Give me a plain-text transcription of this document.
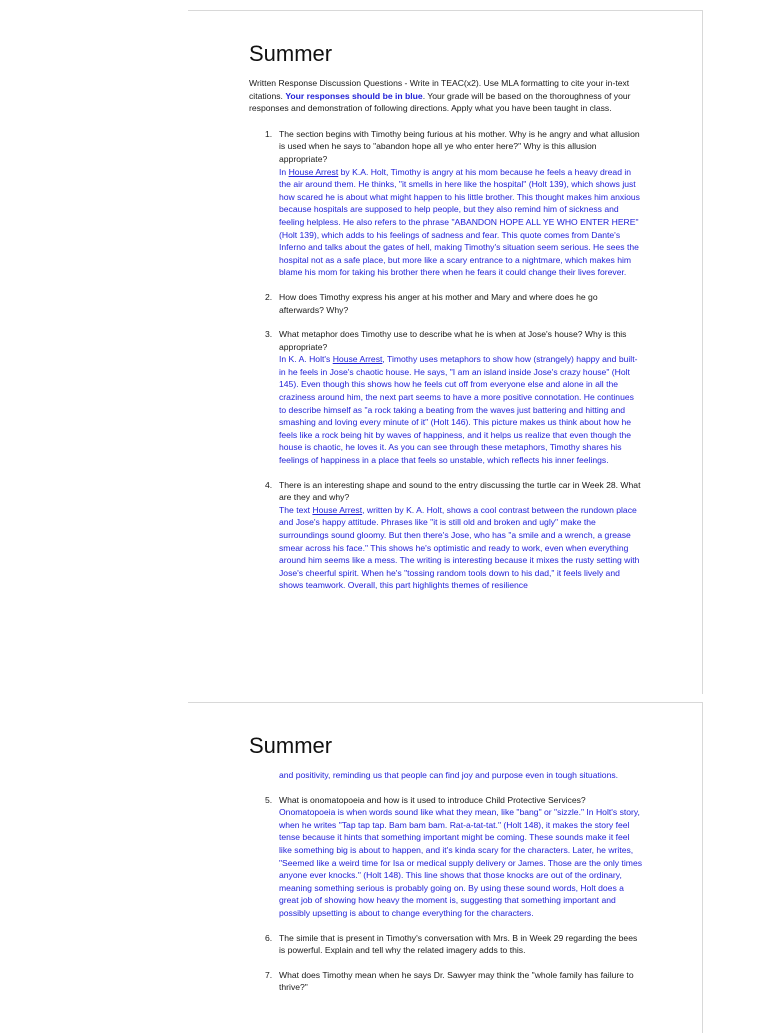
Summer

Written Response Discussion Questions - Write in TEAC(x2). Use MLA formatting to cite your in-text citations. Your responses should be in blue. Your grade will be based on the thoroughness of your responses and demonstration of following directions. Apply what you have been taught in class.

1. The section begins with Timothy being furious at his mother. Why is he angry and what allusion is used when he says to "abandon hope all ye who enter here?" Why is this allusion appropriate?
In House Arrest by K.A. Holt, Timothy is angry at his mom because he feels a heavy dread in the air around them. He thinks, "it smells in here like the hospital" (Holt 139), which shows just how scared he is about what might happen to his little brother. This thought makes him anxious because hospitals are supposed to help people, but they also remind him of sickness and feeling helpless. He also refers to the phrase "ABANDON HOPE ALL YE WHO ENTER HERE" (Holt 139), which adds to his feelings of sadness and fear. This quote comes from Dante's Inferno and talks about the gates of hell, making Timothy's situation seem serious. He sees the hospital not as a safe place, but more like a scary entrance to a nightmare, which makes him blame his mom for taking his brother there when he fears it could change their lives forever.
2. How does Timothy express his anger at his mother and Mary and where does he go afterwards? Why?
3. What metaphor does Timothy use to describe what he is when at Jose's house? Why is this appropriate?
In K. A. Holt's House Arrest, Timothy uses metaphors to show how (strangely) happy and built-in he feels in Jose's chaotic house. He says, "I am an island inside Jose's crazy house" (Holt 145). Even though this shows how he feels cut off from everyone else and alone in all the craziness around him, the next part seems to have a more positive connotation. He continues to describe himself as "a rock taking a beating from the waves just battering and hitting and smashing and loving every minute of it" (Holt 146). This picture makes us think about how he feels like a rock being hit by waves of happiness, and it helps us realize that even though the house is chaotic, he loves it. As you can see through these metaphors, Timothy shares his feelings of happiness in a place that feels so unstable, which reflects his inner feelings.
4. There is an interesting shape and sound to the entry discussing the turtle car in Week 28. What are they and why?
The text House Arrest, written by K. A. Holt, shows a cool contrast between the rundown place and Jose's happy attitude. Phrases like "it is still old and broken and ugly" make the surroundings sound gloomy. But then there's Jose, who has "a smile and a wrench, a grease smear across his face." This shows he's optimistic and ready to work, even when everything around him seems like a mess. The writing is interesting because it mixes the rusty setting with Jose's cheerful spirit. When he's "tossing random tools down to his dad," it feels lively and shows teamwork. Overall, this part highlights themes of resilience
Summer
and positivity, reminding us that people can find joy and purpose even in tough situations.
5. What is onomatopoeia and how is it used to introduce Child Protective Services?
Onomatopoeia is when words sound like what they mean, like "bang" or "sizzle." In Holt's story, when he writes "Tap tap tap. Bam bam bam. Rat-a-tat-tat." (Holt 148), it makes the story feel tense because it hints that something important might be coming. These sounds make it feel like something big is about to happen, and it's kinda scary for the characters. Later, he writes, "Seemed like a weird time for Isa or medical supply delivery or James. Those are the only times anyone ever knocks." (Holt 148). This line shows that those knocks are out of the ordinary, meaning something serious is probably going on. By using these sound words, Holt does a great job of showing how heavy the moment is, suggesting that something important and possibly upsetting is about to change everything for the characters.
6. The simile that is present in Timothy's conversation with Mrs. B in Week 29 regarding the bees is powerful. Explain and tell why the related imagery adds to this.
7. What does Timothy mean when he says Dr. Sawyer may think the "whole family has failure to thrive?"
